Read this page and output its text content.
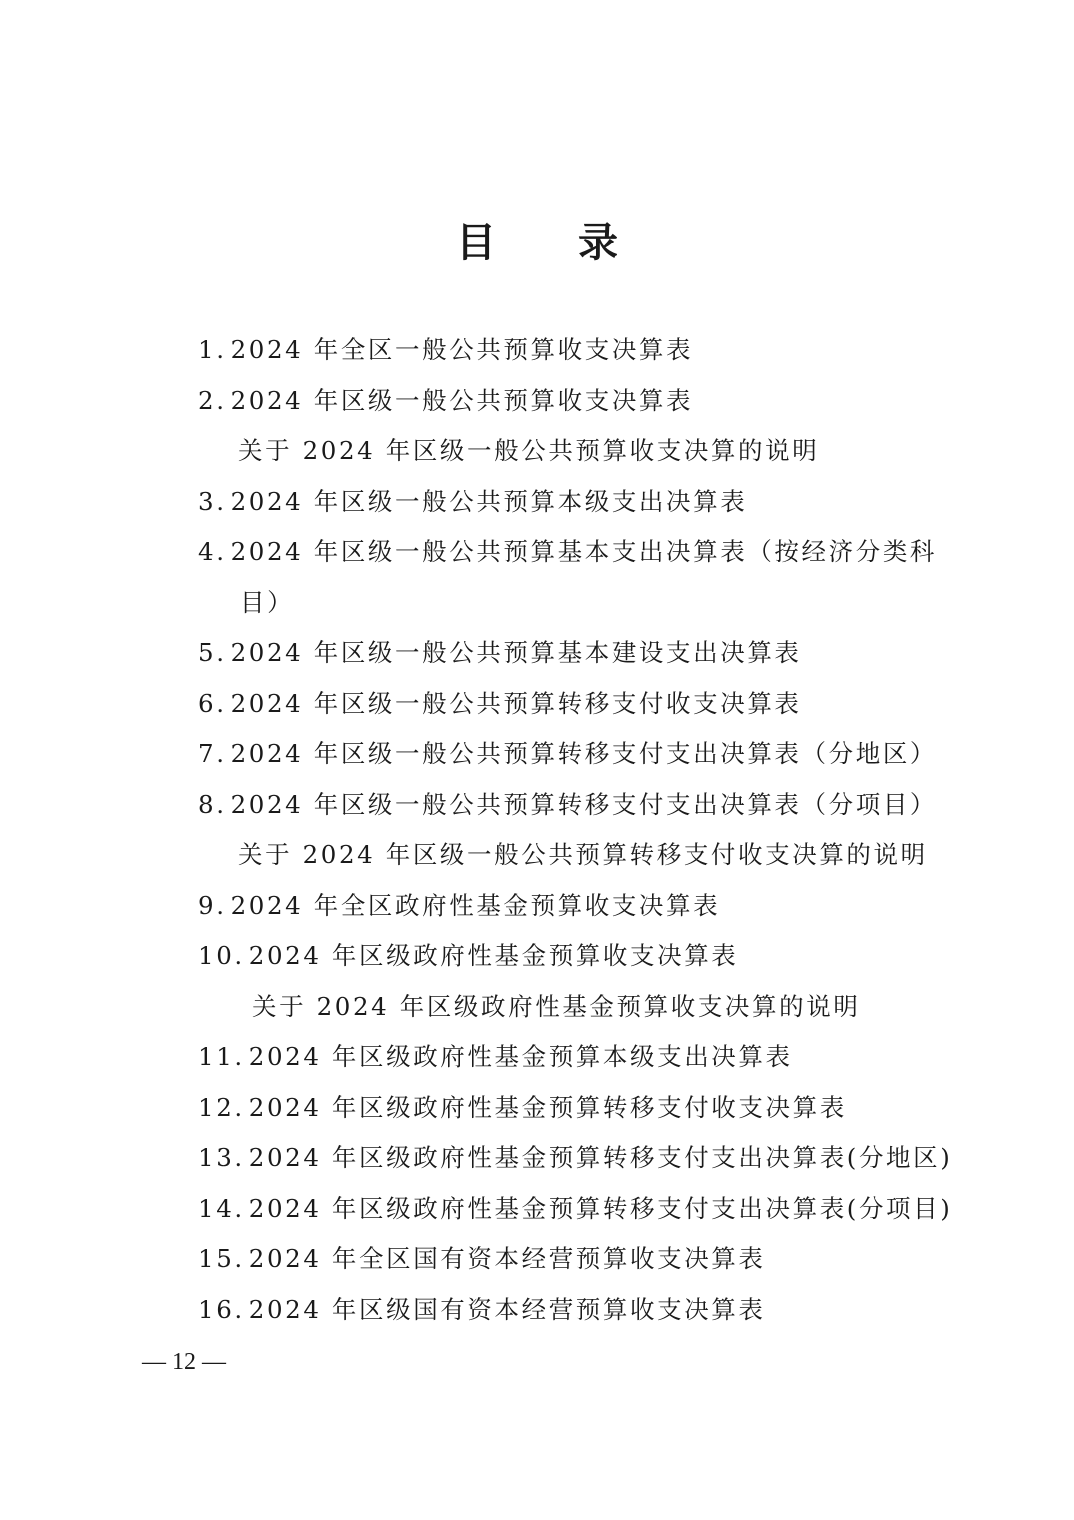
目 录
1. 2024 年全区一般公共预算收支决算表
2. 2024 年区级一般公共预算收支决算表
关于 2024 年区级一般公共预算收支决算的说明
3. 2024 年区级一般公共预算本级支出决算表
4. 2024 年区级一般公共预算基本支出决算表（按经济分类科
目）
5. 2024 年区级一般公共预算基本建设支出决算表
6. 2024 年区级一般公共预算转移支付收支决算表
7. 2024 年区级一般公共预算转移支付支出决算表（分地区）
8. 2024 年区级一般公共预算转移支付支出决算表（分项目）
关于 2024 年区级一般公共预算转移支付收支决算的说明
9. 2024 年全区政府性基金预算收支决算表
10. 2024 年区级政府性基金预算收支决算表
关于 2024 年区级政府性基金预算收支决算的说明
11. 2024 年区级政府性基金预算本级支出决算表
12. 2024 年区级政府性基金预算转移支付收支决算表
13. 2024 年区级政府性基金预算转移支付支出决算表(分地区)
14. 2024 年区级政府性基金预算转移支付支出决算表(分项目)
15. 2024 年全区国有资本经营预算收支决算表
16. 2024 年区级国有资本经营预算收支决算表
— 12 —
